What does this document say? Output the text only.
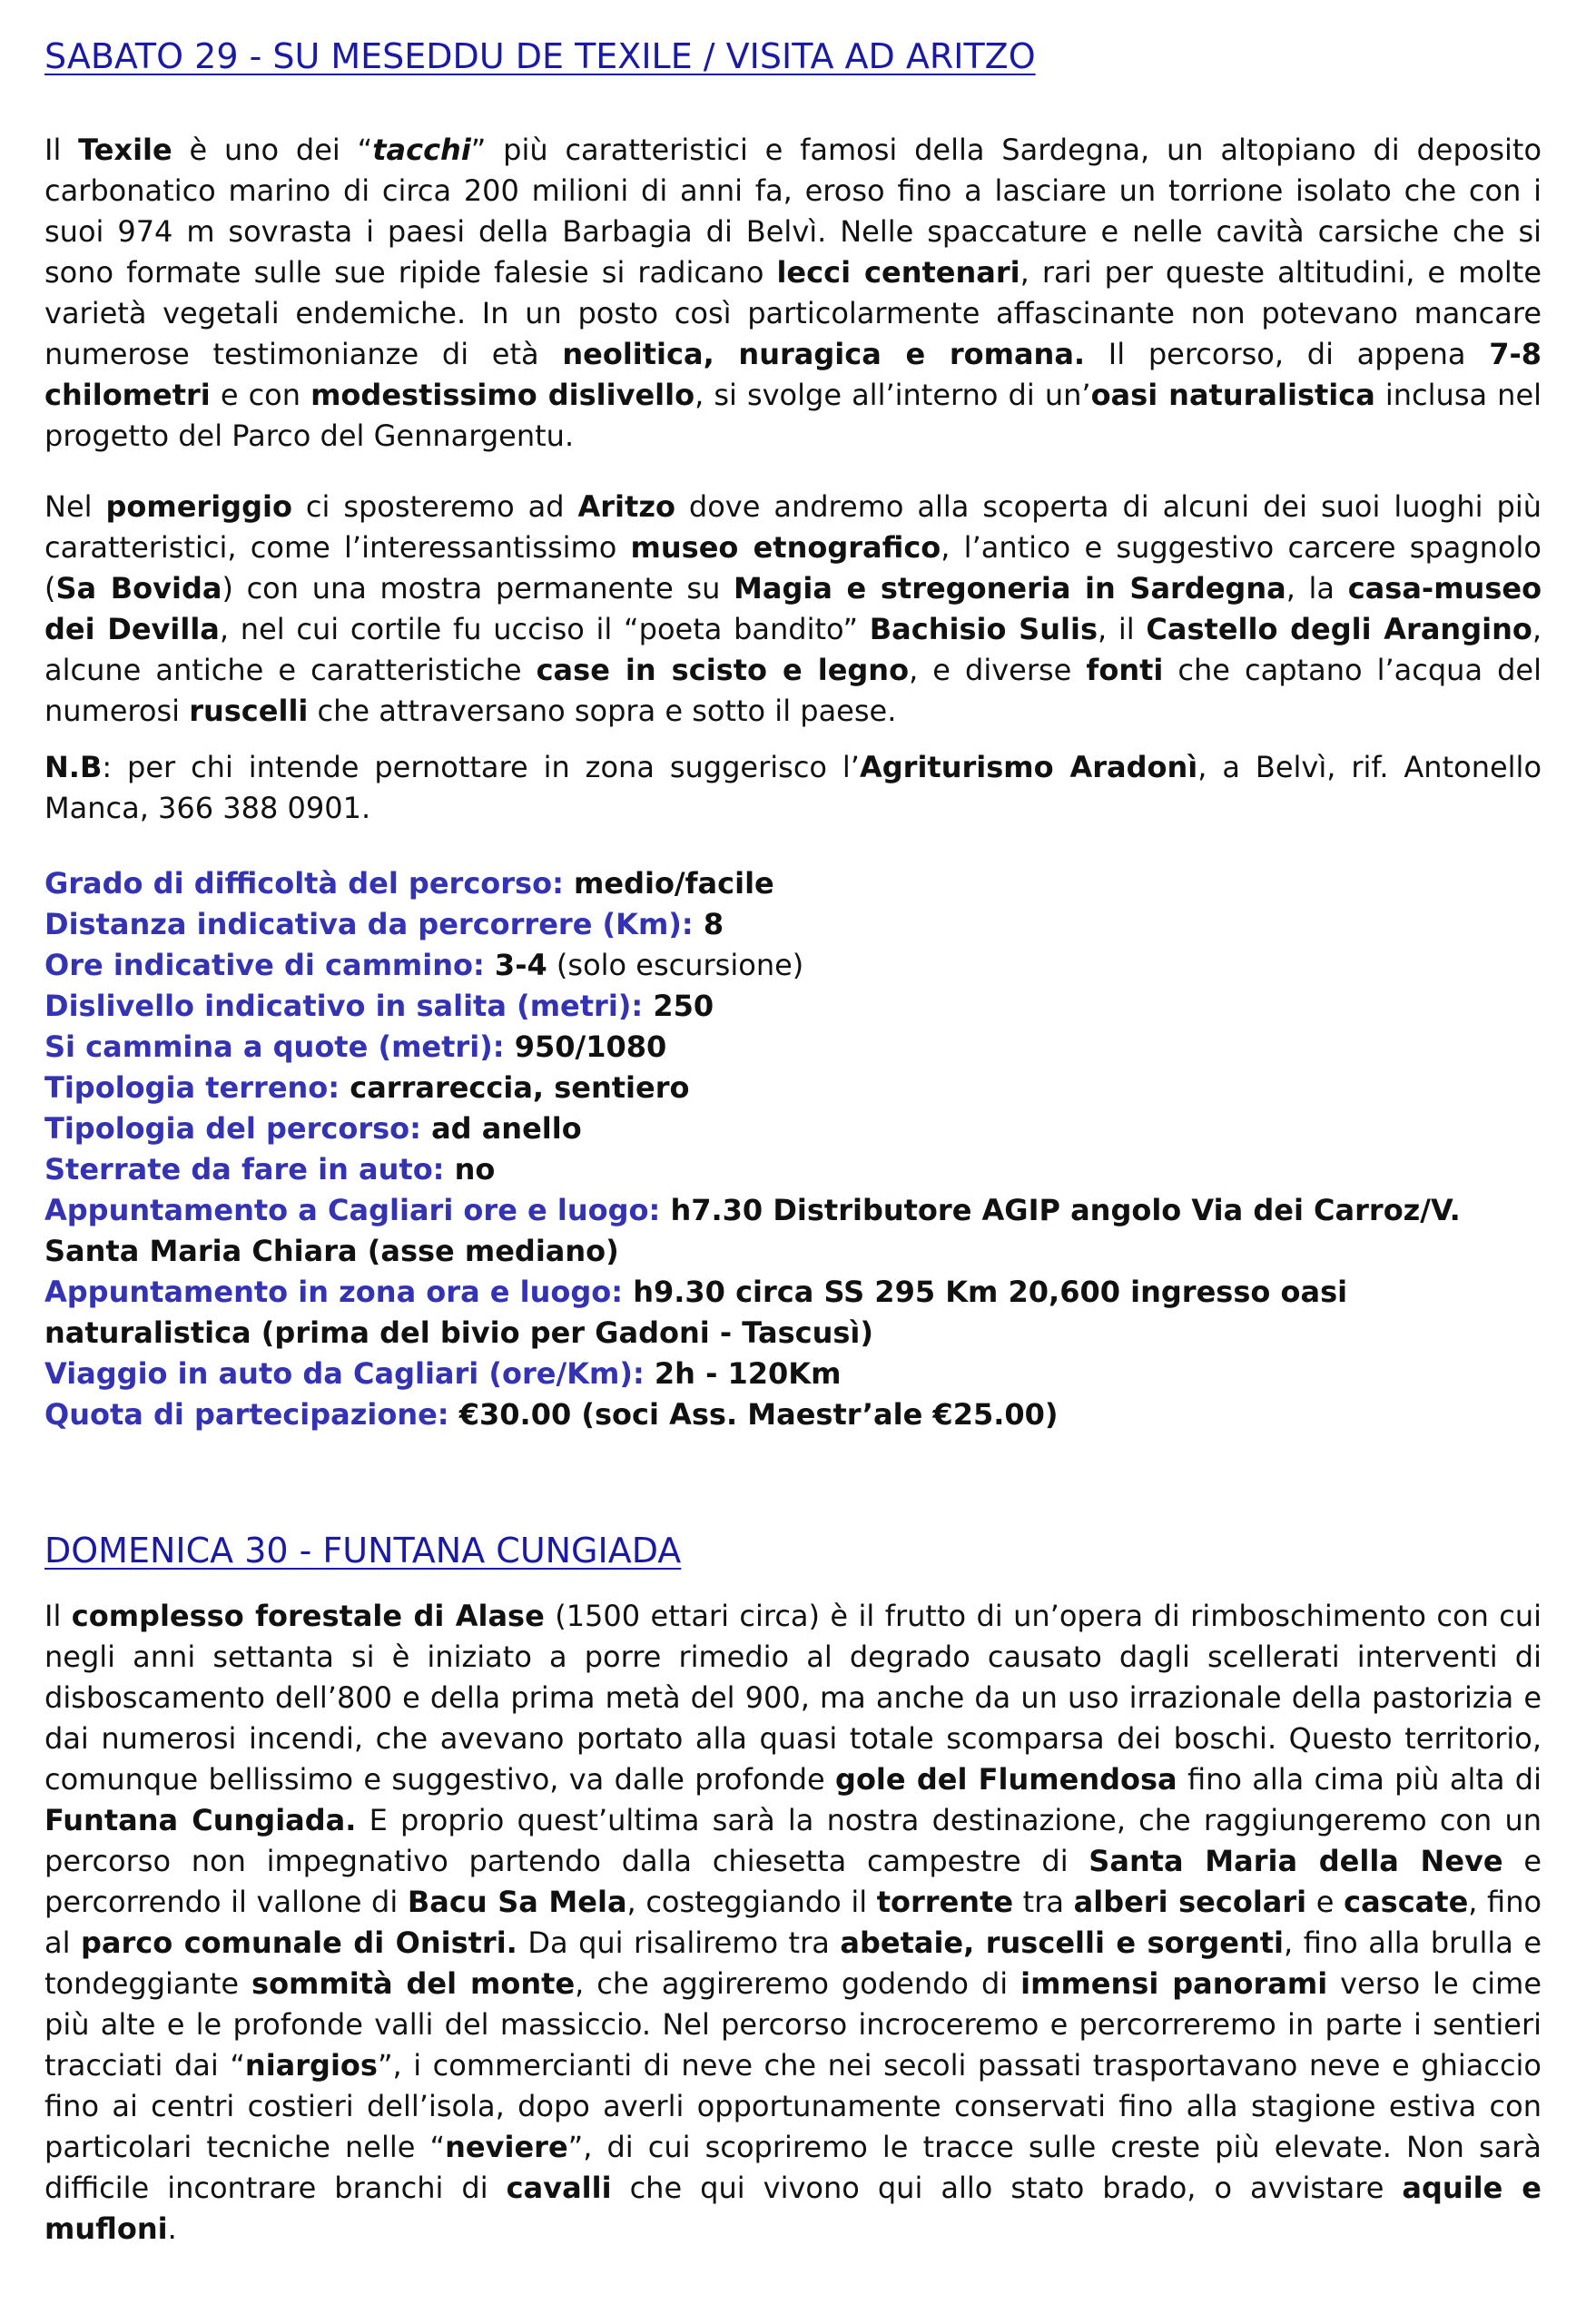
SABATO 29 - SU MESEDDU DE TEXILE / VISITA AD ARITZO

Il Texile è uno dei “tacchi” più caratteristici e famosi della Sardegna, un altopiano di deposito carbonatico marino di circa 200 milioni di anni fa, eroso fino a lasciare un torrione isolato che con i suoi 974 m sovrasta i paesi della Barbagia di Belvì. Nelle spaccature e nelle cavità carsiche che si sono formate sulle sue ripide falesie si radicano lecci centenari, rari per queste altitudini, e molte varietà vegetali endemiche. In un posto così particolarmente affascinante non potevano mancare numerose testimonianze di età neolitica, nuragica e romana. Il percorso, di appena 7-8 chilometri e con modestissimo dislivello, si svolge all’interno di un’oasi naturalistica inclusa nel progetto del Parco del Gennargentu.

Nel pomeriggio ci sposteremo ad Aritzo dove andremo alla scoperta di alcuni dei suoi luoghi più caratteristici, come l’interessantissimo museo etnografico, l’antico e suggestivo carcere spagnolo (Sa Bovida) con una mostra permanente su Magia e stregoneria in Sardegna, la casa-museo dei Devilla, nel cui cortile fu ucciso il “poeta bandito” Bachisio Sulis, il Castello degli Arangino, alcune antiche e caratteristiche case in scisto e legno, e diverse fonti che captano l’acqua del numerosi ruscelli che attraversano sopra e sotto il paese.

N.B: per chi intende pernottare in zona suggerisco l’Agriturismo Aradonì, a Belvì, rif. Antonello Manca, 366 388 0901.

Grado di difficoltà del percorso: medio/facile
Distanza indicativa da percorrere (Km): 8
Ore indicative di cammino: 3-4 (solo escursione)
Dislivello indicativo in salita (metri): 250
Si cammina a quote (metri): 950/1080
Tipologia terreno: carrareccia, sentiero
Tipologia del percorso: ad anello
Sterrate da fare in auto: no
Appuntamento a Cagliari ore e luogo: h7.30 Distributore AGIP angolo Via dei Carroz/V. Santa Maria Chiara (asse mediano)
Appuntamento in zona ora e luogo: h9.30 circa SS 295 Km 20,600 ingresso oasi naturalistica (prima del bivio per Gadoni - Tascusì)
Viaggio in auto da Cagliari (ore/Km): 2h - 120Km
Quota di partecipazione: €30.00 (soci Ass. Maestr’ale €25.00)
DOMENICA 30 - FUNTANA CUNGIADA

Il complesso forestale di Alase (1500 ettari circa) è il frutto di un’opera di rimboschimento con cui negli anni settanta si è iniziato a porre rimedio al degrado causato dagli scellerati interventi di disboscamento dell’800 e della prima metà del 900, ma anche da un uso irrazionale della pastorizia e dai numerosi incendi, che avevano portato alla quasi totale scomparsa dei boschi. Questo territorio, comunque bellissimo e suggestivo, va dalle profonde gole del Flumendosa fino alla cima più alta di Funtana Cungiada. E proprio quest’ultima sarà la nostra destinazione, che raggiungeremo con un percorso non impegnativo partendo dalla chiesetta campestre di Santa Maria della Neve e percorrendo il vallone di Bacu Sa Mela, costeggiando il torrente tra alberi secolari e cascate, fino al parco comunale di Onistri. Da qui risaliremo tra abetaie, ruscelli e sorgenti, fino alla brulla e tondeggiante sommità del monte, che aggireremo godendo di immensi panorami verso le cime più alte e le profonde valli del massiccio. Nel percorso incroceremo e percorreremo in parte i sentieri tracciati dai “niargios”, i commercianti di neve che nei secoli passati trasportavano neve e ghiaccio fino ai centri costieri dell’isola, dopo averli opportunamente conservati fino alla stagione estiva con particolari tecniche nelle “neviere”, di cui scopriremo le tracce sulle creste più elevate. Non sarà difficile incontrare branchi di cavalli che qui vivono qui allo stato brado, o avvistare aquile e mufloni.
